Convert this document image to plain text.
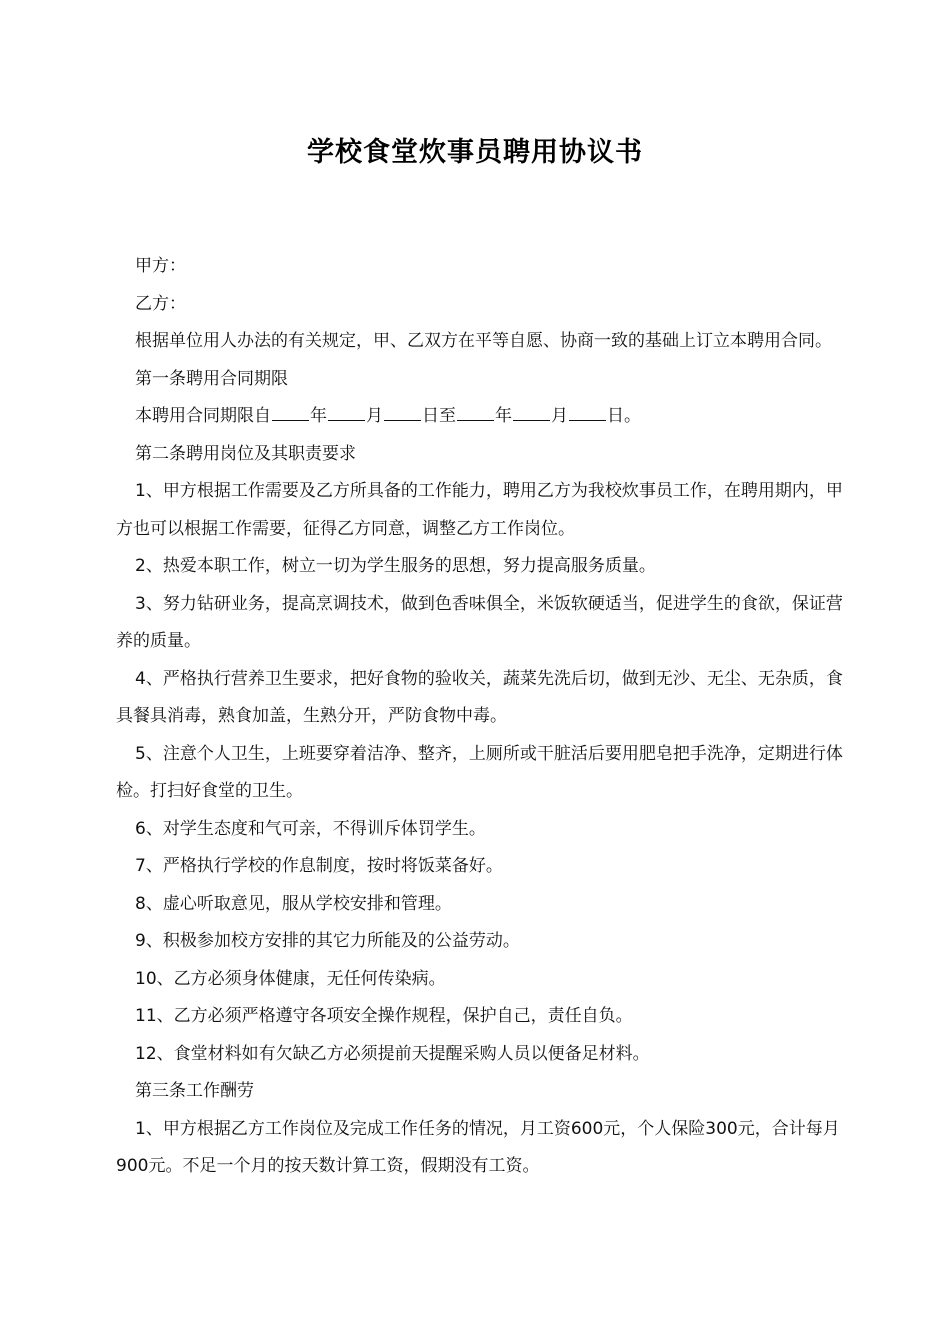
学校食堂炊事员聘用协议书

甲方：

乙方：

根据单位用人办法的有关规定，甲、乙双方在平等自愿、协商一致的基础上订立本聘用合同。

第一条聘用合同期限

本聘用合同期限自 年 月 日至 年 月 日。

第二条聘用岗位及其职责要求

1、甲方根据工作需要及乙方所具备的工作能力，聘用乙方为我校炊事员工作，在聘用期内，甲方也可以根据工作需要，征得乙方同意，调整乙方工作岗位。

2、热爱本职工作，树立一切为学生服务的思想，努力提高服务质量。

3、努力钻研业务，提高烹调技术，做到色香味俱全，米饭软硬适当，促进学生的食欲，保证营养的质量。

4、严格执行营养卫生要求，把好食物的验收关，蔬菜先洗后切，做到无沙、无尘、无杂质，食具餐具消毒，熟食加盖，生熟分开，严防食物中毒。

5、注意个人卫生，上班要穿着洁净、整齐，上厕所或干脏活后要用肥皂把手洗净，定期进行体检。打扫好食堂的卫生。

6、对学生态度和气可亲，不得训斥体罚学生。

7、严格执行学校的作息制度，按时将饭菜备好。

8、虚心听取意见，服从学校安排和管理。

9、积极参加校方安排的其它力所能及的公益劳动。

10、乙方必须身体健康，无任何传染病。

11、乙方必须严格遵守各项安全操作规程，保护自己，责任自负。

12、食堂材料如有欠缺乙方必须提前天提醒采购人员以便备足材料。

第三条工作酬劳

1、甲方根据乙方工作岗位及完成工作任务的情况，月工资600元，个人保险300元，合计每月900元。不足一个月的按天数计算工资，假期没有工资。
